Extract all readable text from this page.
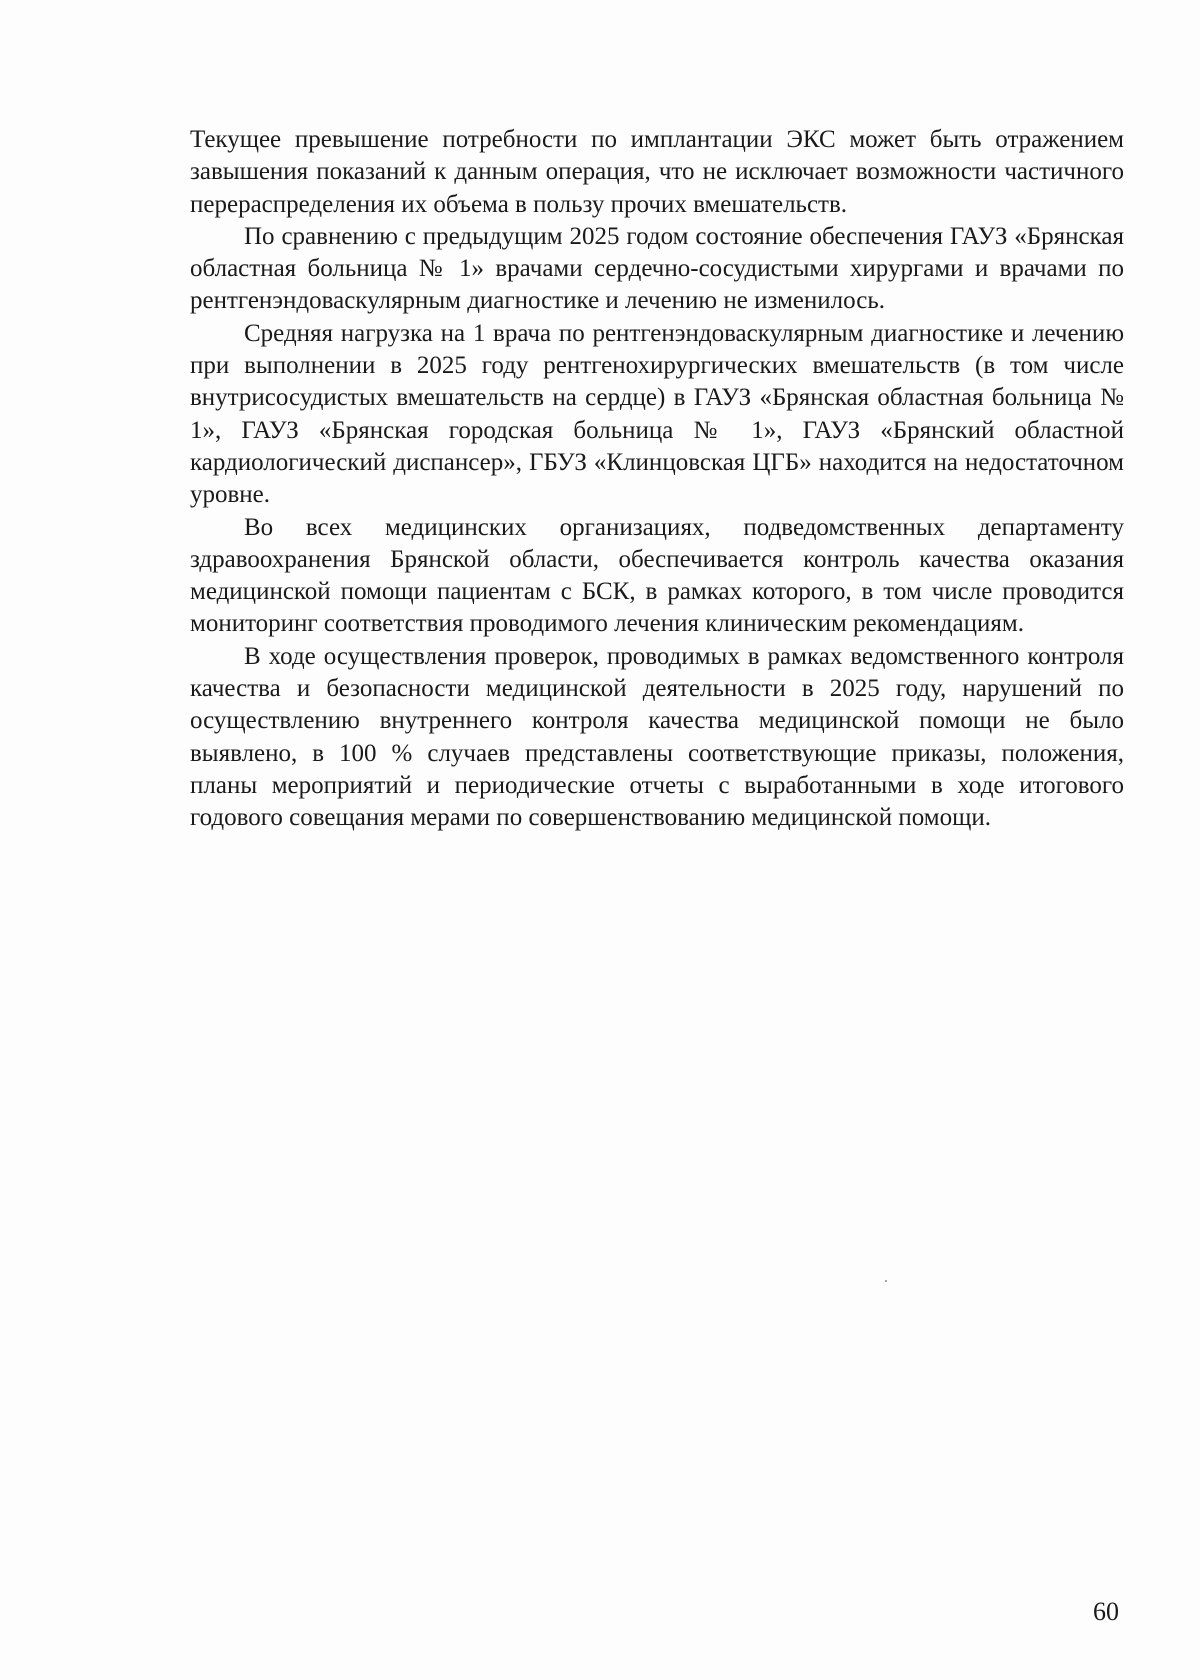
Текущее превышение потребности по имплантации ЭКС может быть отражением завышения показаний к данным операция, что не исключает возможности частичного перераспределения их объема в пользу прочих вмешательств.

По сравнению с предыдущим 2025 годом состояние обеспечения ГАУЗ «Брянская областная больница № 1» врачами сердечно-сосудистыми хирургами и врачами по рентгенэндоваскулярным диагностике и лечению не изменилось.

Средняя нагрузка на 1 врача по рентгенэндоваскулярным диагностике и лечению при выполнении в 2025 году рентгенохирургических вмешательств (в том числе внутрисосудистых вмешательств на сердце) в ГАУЗ «Брянская областная больница № 1», ГАУЗ «Брянская городская больница № 1», ГАУЗ «Брянский областной кардиологический диспансер», ГБУЗ «Клинцовская ЦГБ» находится на недостаточном уровне.

Во всех медицинских организациях, подведомственных департаменту здравоохранения Брянской области, обеспечивается контроль качества оказания медицинской помощи пациентам с БСК, в рамках которого, в том числе проводится мониторинг соответствия проводимого лечения клиническим рекомендациям.

В ходе осуществления проверок, проводимых в рамках ведомственного контроля качества и безопасности медицинской деятельности в 2025 году, нарушений по осуществлению внутреннего контроля качества медицинской помощи не было выявлено, в 100 % случаев представлены соответствующие приказы, положения, планы мероприятий и периодические отчеты с выработанными в ходе итогового годового совещания мерами по совершенствованию медицинской помощи.

60
